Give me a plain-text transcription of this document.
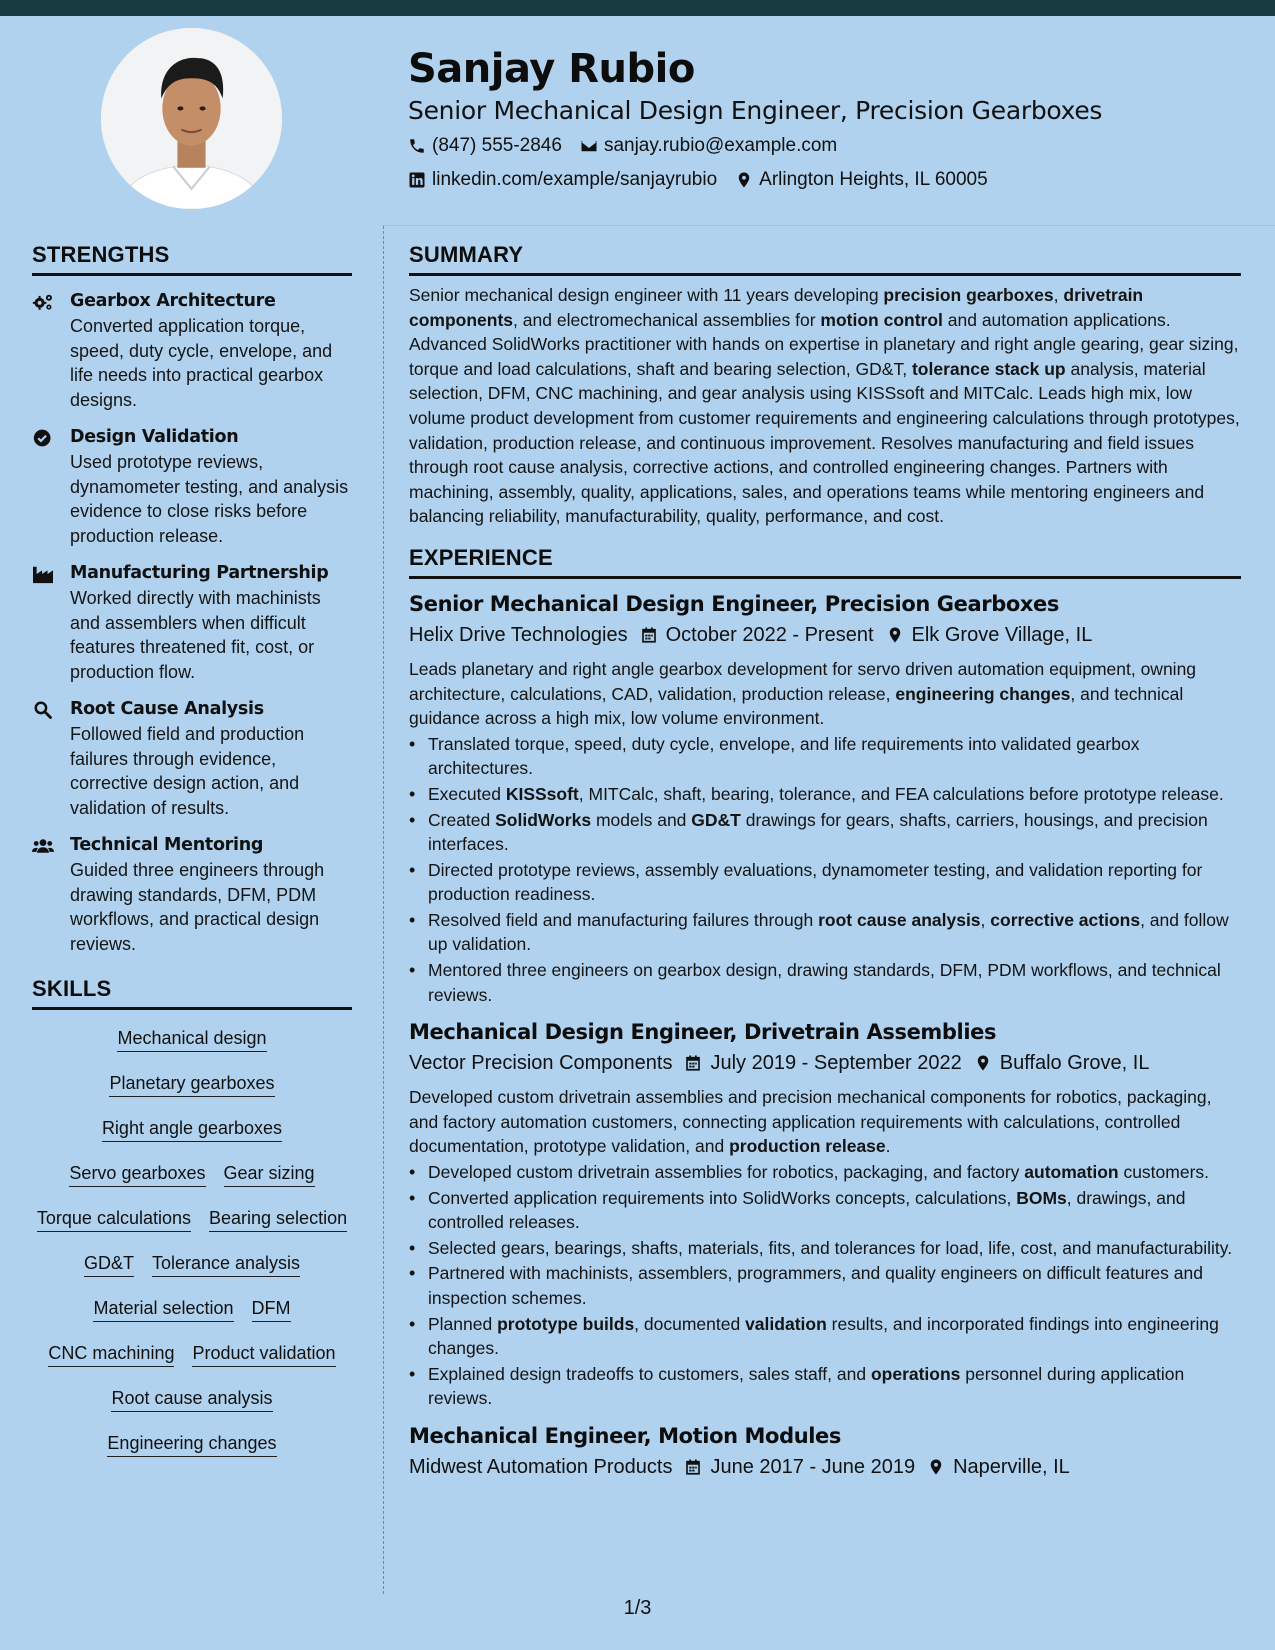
Sanjay Rubio
Senior Mechanical Design Engineer, Precision Gearboxes
(847) 555-2846 sanjay.rubio@example.com
linkedin.com/example/sanjayrubio Arlington Heights, IL 60005
STRENGTHS
Gearbox Architecture
Converted application torque, speed, duty cycle, envelope, and life needs into practical gearbox designs.
Design Validation
Used prototype reviews, dynamometer testing, and analysis evidence to close risks before production release.
Manufacturing Partnership
Worked directly with machinists and assemblers when difficult features threatened fit, cost, or production flow.
Root Cause Analysis
Followed field and production failures through evidence, corrective design action, and validation of results.
Technical Mentoring
Guided three engineers through drawing standards, DFM, PDM workflows, and practical design reviews.
SKILLS
Mechanical design
Planetary gearboxes
Right angle gearboxes
Servo gearboxes Gear sizing
Torque calculations Bearing selection
GD&T Tolerance analysis
Material selection DFM
CNC machining Product validation
Root cause analysis
Engineering changes
SUMMARY
Senior mechanical design engineer with 11 years developing precision gearboxes, drivetrain components, and electromechanical assemblies for motion control and automation applications. Advanced SolidWorks practitioner with hands on expertise in planetary and right angle gearing, gear sizing, torque and load calculations, shaft and bearing selection, GD&T, tolerance stack up analysis, material selection, DFM, CNC machining, and gear analysis using KISSsoft and MITCalc. Leads high mix, low volume product development from customer requirements and engineering calculations through prototypes, validation, production release, and continuous improvement. Resolves manufacturing and field issues through root cause analysis, corrective actions, and controlled engineering changes. Partners with machining, assembly, quality, applications, sales, and operations teams while mentoring engineers and balancing reliability, manufacturability, quality, performance, and cost.
EXPERIENCE
Senior Mechanical Design Engineer, Precision Gearboxes
Helix Drive Technologies October 2022 - Present Elk Grove Village, IL
Leads planetary and right angle gearbox development for servo driven automation equipment, owning architecture, calculations, CAD, validation, production release, engineering changes, and technical guidance across a high mix, low volume environment.
• Translated torque, speed, duty cycle, envelope, and life requirements into validated gearbox architectures.
• Executed KISSsoft, MITCalc, shaft, bearing, tolerance, and FEA calculations before prototype release.
• Created SolidWorks models and GD&T drawings for gears, shafts, carriers, housings, and precision interfaces.
• Directed prototype reviews, assembly evaluations, dynamometer testing, and validation reporting for production readiness.
• Resolved field and manufacturing failures through root cause analysis, corrective actions, and follow up validation.
• Mentored three engineers on gearbox design, drawing standards, DFM, PDM workflows, and technical reviews.
Mechanical Design Engineer, Drivetrain Assemblies
Vector Precision Components July 2019 - September 2022 Buffalo Grove, IL
Developed custom drivetrain assemblies and precision mechanical components for robotics, packaging, and factory automation customers, connecting application requirements with calculations, controlled documentation, prototype validation, and production release.
• Developed custom drivetrain assemblies for robotics, packaging, and factory automation customers.
• Converted application requirements into SolidWorks concepts, calculations, BOMs, drawings, and controlled releases.
• Selected gears, bearings, shafts, materials, fits, and tolerances for load, life, cost, and manufacturability.
• Partnered with machinists, assemblers, programmers, and quality engineers on difficult features and inspection schemes.
• Planned prototype builds, documented validation results, and incorporated findings into engineering changes.
• Explained design tradeoffs to customers, sales staff, and operations personnel during application reviews.
Mechanical Engineer, Motion Modules
Midwest Automation Products June 2017 - June 2019 Naperville, IL
1/3
